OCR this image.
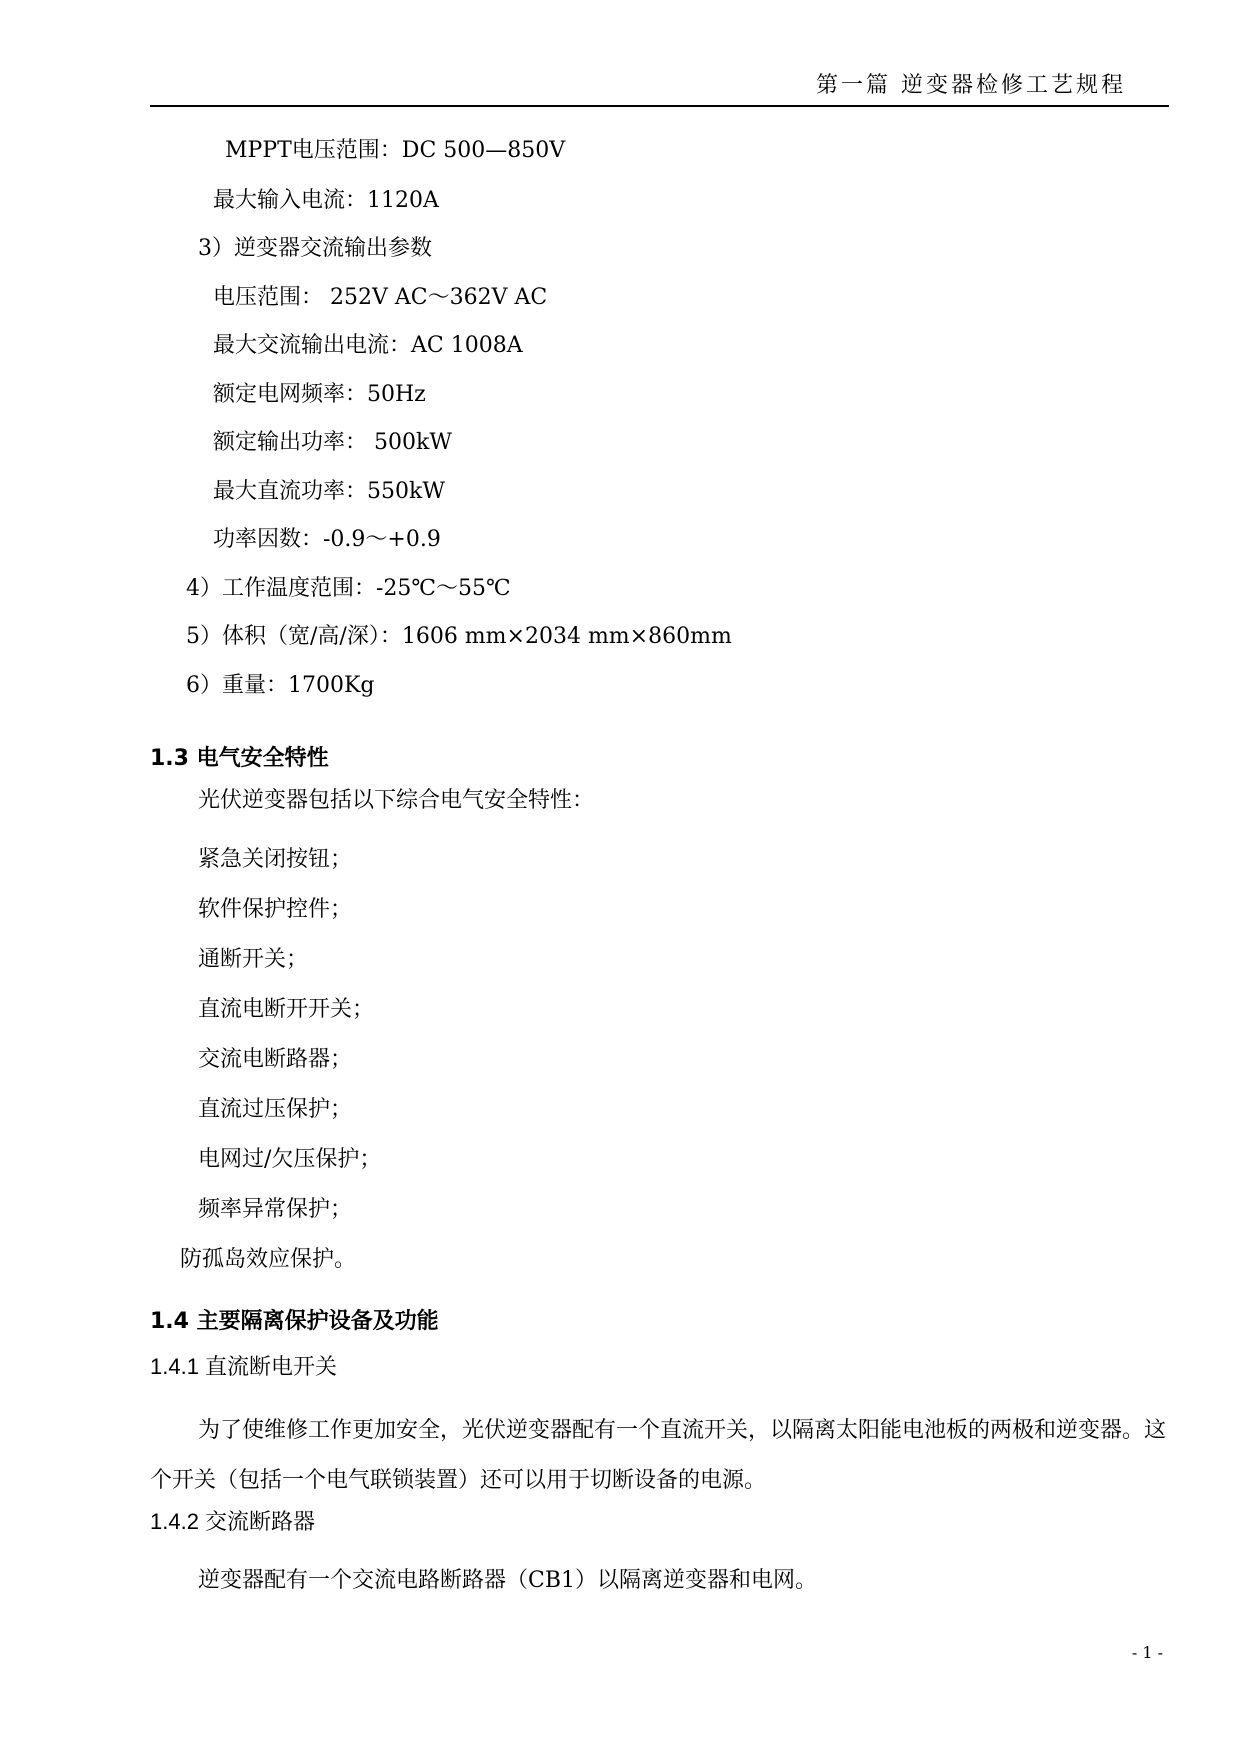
第一篇 逆变器检修工艺规程
MPPT电压范围：DC 500—850V
最大输入电流：1120A
3）逆变器交流输出参数
电压范围： 252V AC～362V AC
最大交流输出电流：AC 1008A
额定电网频率：50Hz
额定输出功率： 500kW
最大直流功率：550kW
功率因数：-0.9～+0.9
4）工作温度范围：-25℃～55℃
5）体积（宽/高/深）：1606 mm×2034 mm×860mm
6）重量：1700Kg
1.3 电气安全特性
光伏逆变器包括以下综合电气安全特性：
紧急关闭按钮；
软件保护控件；
通断开关；
直流电断开开关；
交流电断路器；
直流过压保护；
电网过/欠压保护；
频率异常保护；
防孤岛效应保护。
1.4 主要隔离保护设备及功能
1.4.1 直流断电开关
为了使维修工作更加安全，光伏逆变器配有一个直流开关，以隔离太阳能电池板的两极和逆变器。这个开关（包括一个电气联锁装置）还可以用于切断设备的电源。
1.4.2 交流断路器
逆变器配有一个交流电路断路器（CB1）以隔离逆变器和电网。
- 1 -
